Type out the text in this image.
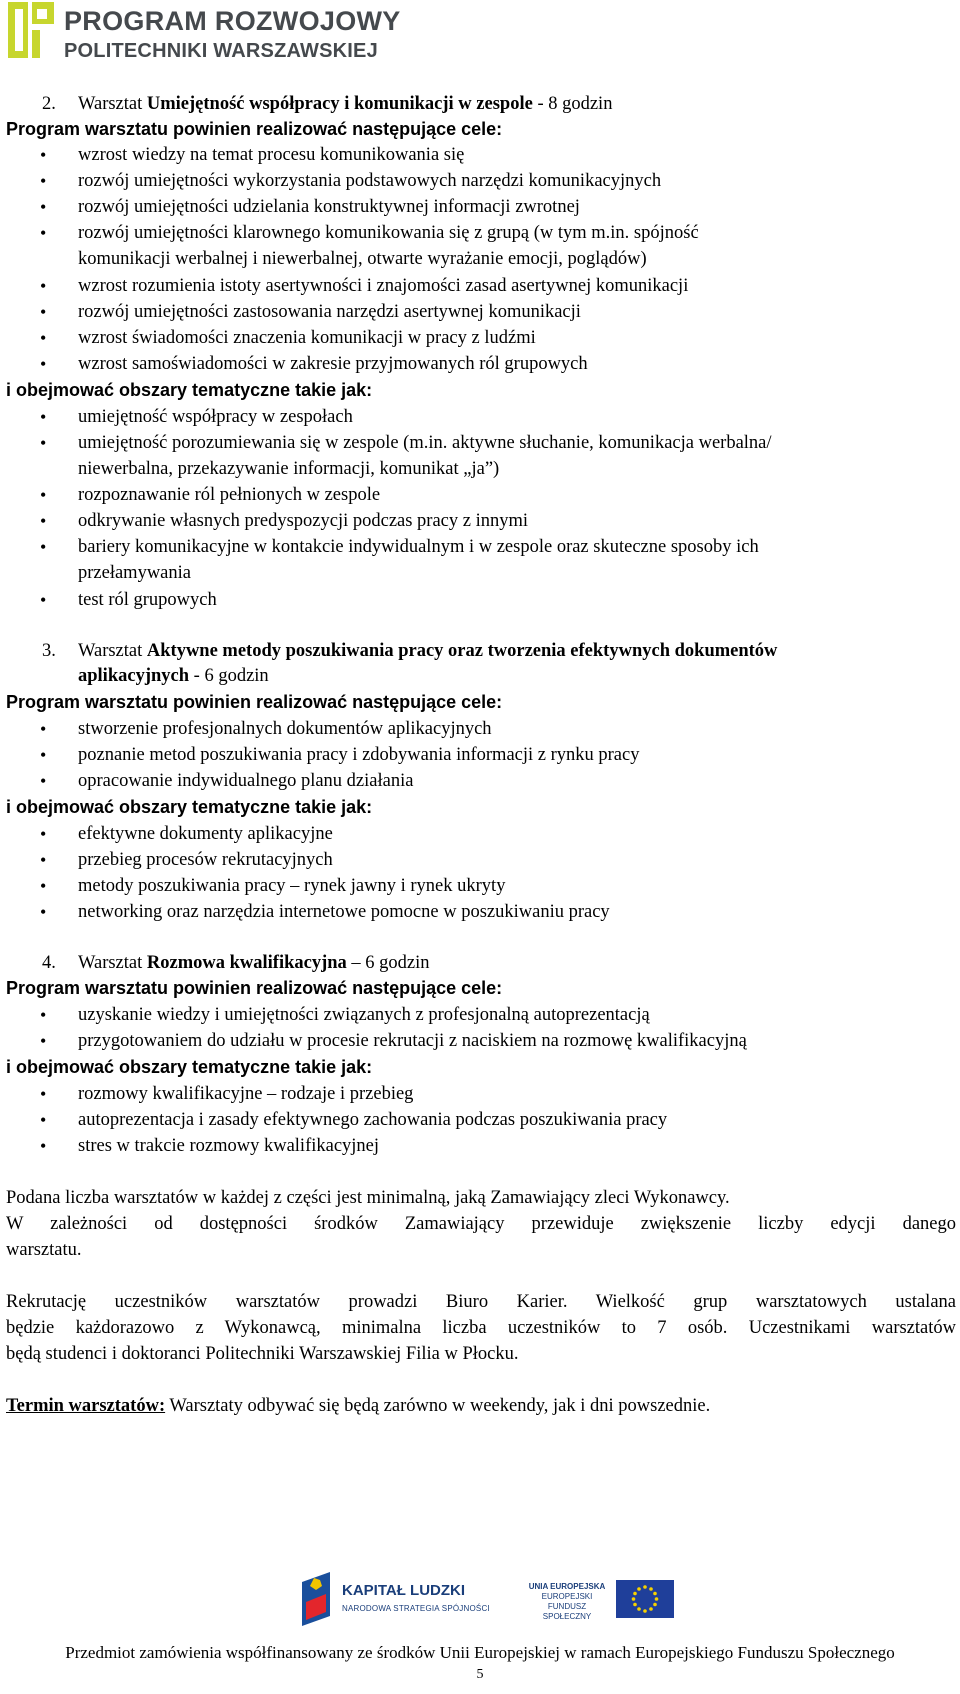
PROGRAM ROZWOJOWY
POLITECHNIKI WARSZAWSKIEJ
2. Warsztat Umiejętność współpracy i komunikacji w zespole - 8 godzin
Program warsztatu powinien realizować następujące cele:
• wzrost wiedzy na temat procesu komunikowania się
• rozwój umiejętności wykorzystania podstawowych narzędzi komunikacyjnych
• rozwój umiejętności udzielania konstruktywnej informacji zwrotnej
• rozwój umiejętności klarownego komunikowania się z grupą (w tym m.in. spójność
komunikacji werbalnej i niewerbalnej, otwarte wyrażanie emocji, poglądów)
• wzrost rozumienia istoty asertywności i znajomości zasad asertywnej komunikacji
• rozwój umiejętności zastosowania narzędzi asertywnej komunikacji
• wzrost świadomości znaczenia komunikacji w pracy z ludźmi
• wzrost samoświadomości w zakresie przyjmowanych ról grupowych
i obejmować obszary tematyczne takie jak:
• umiejętność współpracy w zespołach
• umiejętność porozumiewania się w zespole (m.in. aktywne słuchanie, komunikacja werbalna/
niewerbalna, przekazywanie informacji, komunikat „ja”)
• rozpoznawanie ról pełnionych w zespole
• odkrywanie własnych predyspozycji podczas pracy z innymi
• bariery komunikacyjne w kontakcie indywidualnym i w zespole oraz skuteczne sposoby ich
przełamywania
• test ról grupowych
3. Warsztat Aktywne metody poszukiwania pracy oraz tworzenia efektywnych dokumentów
aplikacyjnych - 6 godzin
Program warsztatu powinien realizować następujące cele:
• stworzenie profesjonalnych dokumentów aplikacyjnych
• poznanie metod poszukiwania pracy i zdobywania informacji z rynku pracy
• opracowanie indywidualnego planu działania
i obejmować obszary tematyczne takie jak:
• efektywne dokumenty aplikacyjne
• przebieg procesów rekrutacyjnych
• metody poszukiwania pracy – rynek jawny i rynek ukryty
• networking oraz narzędzia internetowe pomocne w poszukiwaniu pracy
4. Warsztat Rozmowa kwalifikacyjna – 6 godzin
Program warsztatu powinien realizować następujące cele:
• uzyskanie wiedzy i umiejętności związanych z profesjonalną autoprezentacją
• przygotowaniem do udziału w procesie rekrutacji z naciskiem na rozmowę kwalifikacyjną
i obejmować obszary tematyczne takie jak:
• rozmowy kwalifikacyjne – rodzaje i przebieg
• autoprezentacja i zasady efektywnego zachowania podczas poszukiwania pracy
• stres w trakcie rozmowy kwalifikacyjnej
Podana liczba warsztatów w każdej z części jest minimalną, jaką Zamawiający zleci Wykonawcy.
W zależności od dostępności środków Zamawiający przewiduje zwiększenie liczby edycji danego
warsztatu.
Rekrutację uczestników warsztatów prowadzi Biuro Karier. Wielkość grup warsztatowych ustalana
będzie każdorazowo z Wykonawcą, minimalna liczba uczestników to 7 osób. Uczestnikami warsztatów
będą studenci i doktoranci Politechniki Warszawskiej Filia w Płocku.
Termin warsztatów: Warsztaty odbywać się będą zarówno w weekendy, jak i dni powszednie.
KAPITAŁ LUDZKI
NARODOWA STRATEGIA SPÓJNOŚCI
UNIA EUROPEJSKA
EUROPEJSKI
FUNDUSZ SPOŁECZNY
Przedmiot zamówienia współfinansowany ze środków Unii Europejskiej w ramach Europejskiego Funduszu Społecznego
5
